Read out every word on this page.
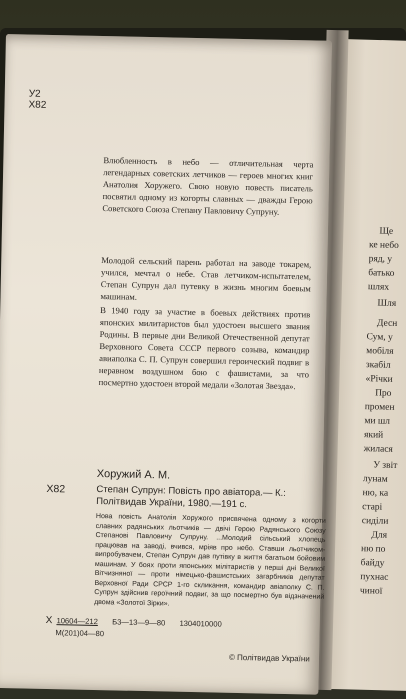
Ще
ке небо
ряд, у
батько
шлях
Шля
Десн
Сум, у
мобіля
зкабіл
«Річки
Про
промен
ми шл
який
жилася
У звіт
лунам
ню, ка
старі
сиділи
Для
ню по
байду
пухнас
чиної
У2
Х82
Влюбленность в небо — отличительная черта легендарных советских летчиков — героев многих книг Анатолия Хоружего. Свою новую повесть писатель посвятил одному из когорты славных — дважды Герою Советского Союза Степану Павловичу Супруну.
Молодой сельский парень работал на заводе токарем, учился, мечтал о небе. Став летчиком-испытателем, Степан Супрун дал путевку в жизнь многим боевым машинам.
В 1940 году за участие в боевых действиях против японских милитаристов был удостоен высшего звания Родины. В первые дни Великой Отечественной депутат Верховного Совета СССР первого созыва, командир авиаполка С. П. Супрун совершил героический подвиг в неравном воздушном бою с фашистами, за что посмертно удостоен второй медали «Золотая Звезда».
Хоружий А. М.
Х82	Степан Супрун: Повість про авіатора.— К.: Політвидав України, 1980.—191 с.
Нова повість Анатолія Хоружого присвячена одному з когорти славних радянських льотчиків — двічі Герою Радянського Союзу Степанові Павловичу Супруну. ...Молодий сільський хлопець працював на заводі, вчився, мріяв про небо. Ставши льотчиком-випробувачем, Степан Супрун дав путівку в життя багатьом бойовим машинам. У боях проти японських мілітаристів у перші дні Великої Вітчизняної — проти німецько-фашистських загарбників депутат Верховної Ради СРСР 1-го скликання, командир авіаполку С. П. Супрун здійснив героїчний подвиг, за що посмертно був відзначений двома «Золотої Зірки».
Х 10604—212 Б3—13—9—80 1304010000
М(201)04—80
© Політвидав України
